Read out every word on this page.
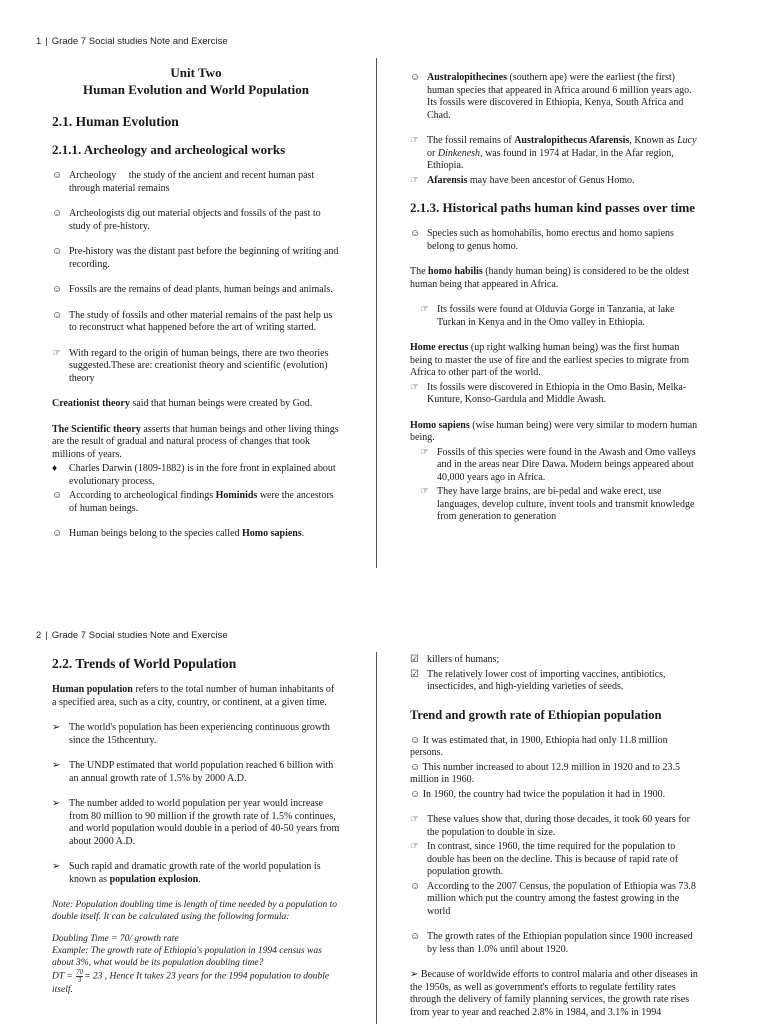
1 | Grade 7 Social studies Note and Exercise
Unit Two
Human Evolution and World Population
2.1. Human Evolution
2.1.1. Archeology and archeological works
☺ Archeology the study of the ancient and recent human past through material remains
☺ Archeologists dig out material objects and fossils of the past to study of pre-history.
☺ Pre-history was the distant past before the beginning of writing and recording.
☺ Fossils are the remains of dead plants, human beings and animals.
☺ The study of fossils and other material remains of the past help us to reconstruct what happened before the art of writing started.
☞ With regard to the origin of human beings, there are two theories suggested.These are: creationist theory and scientific (evolution) theory
Creationist theory said that human beings were created by God.
The Scientific theory asserts that human beings and other living things are the result of gradual and natural process of changes that took millions of years.
♦ Charles Darwin (1809-1882) is in the fore front in explained about evolutionary process.
☺ According to archeological findings Hominids were the ancestors of human beings.
☺ Human beings belong to the species called Homo sapiens.
☺ Australopithecines (southern ape) were the earliest (the first) human species that appeared in Africa around 6 million years ago. Its fossils were discovered in Ethiopia, Kenya, South Africa and Chad.
☞ The fossil remains of Australopithecus Afarensis, Known as Lucy or Dinkenesh, was found in 1974 at Hadar, in the Afar region, Ethiopia.
☞ Afarensis may have been ancestor of Genus Homo.
2.1.3. Historical paths human kind passes over time
☺ Species such as homohabilis, homo erectus and homo sapiens belong to genus homo.
The homo habilis (handy human being) is considered to be the oldest human being that appeared in Africa.
☞ Its fossils were found at Olduvia Gorge in Tanzania, at lake Turkan in Kenya and in the Omo valley in Ethiopia.
Home erectus (up right walking human being) was the first human being to master the use of fire and the earliest species to migrate from Africa to other part of the world.
☞ Its fossils were discovered in Ethiopia in the Omo Basin, Melka-Kunture, Konso-Gardula and Middle Awash.
Homo sapiens (wise human being) were very similar to modern human being.
☞ Fossils of this species were found in the Awash and Omo valleys and in the areas near Dire Dawa. Modern beings appeared about 40,000 years ago in Africa.
☞ They have large brains, are bi-pedal and wake erect, use languages, develop culture, invent tools and transmit knowledge from generation to generation
2 | Grade 7 Social studies Note and Exercise
2.2. Trends of World Population
Human population refers to the total number of human inhabitants of a specified area, such as a city, country, or continent, at a given time.
➢ The world's population has been experiencing continuous growth since the 15thcentury.
➢ The UNDP estimated that world population reached 6 billion with an annual growth rate of 1.5% by 2000 A.D.
➢ The number added to world population per year would increase from 80 million to 90 million if the growth rate of 1.5% continues, and world population would double in a period of 40-50 years from about 2000 A.D.
➢ Such rapid and dramatic growth rate of the world population is known as population explosion.
Note: Population doubling time is length of time needed by a population to double itself. It can be calculated using the following formula:
Doubling Time = 70/ growth rate
Example: The growth rate of Ethiopia's population in 1994 census was about 3%, what would be its population doubling time?
DT = $\frac{70}{3} = 23$ , Hence It takes 23 years for the 1994 population to double itself.
☑ killers of humans;
☑ The relatively lower cost of importing vaccines, antibiotics, insecticides, and high-yielding varieties of seeds.
Trend and growth rate of Ethiopian population
☺ It was estimated that, in 1900, Ethiopia had only 11.8 million persons.
☺ This number increased to about 12.9 million in 1920 and to 23.5 million in 1960.
☺ In 1960, the country had twice the population it had in 1900.
☞ These values show that, during those decades, it took 60 years for the population to double in size.
☞ In contrast, since 1960, the time required for the population to double has been on the decline. This is because of rapid rate of population growth.
☺ According to the 2007 Census, the population of Ethiopia was 73.8 million which put the country among the fastest growing in the world
☺ The growth rates of the Ethiopian population since 1900 increased by less than 1.0% until about 1920.
➢ Because of worldwide efforts to control malaria and other diseases in the 1950s, as well as government's efforts to regulate fertility rates through the delivery of family planning services, the growth rate rises from year to year and reached 2.8% in 1984, and 3.1% in 1994
